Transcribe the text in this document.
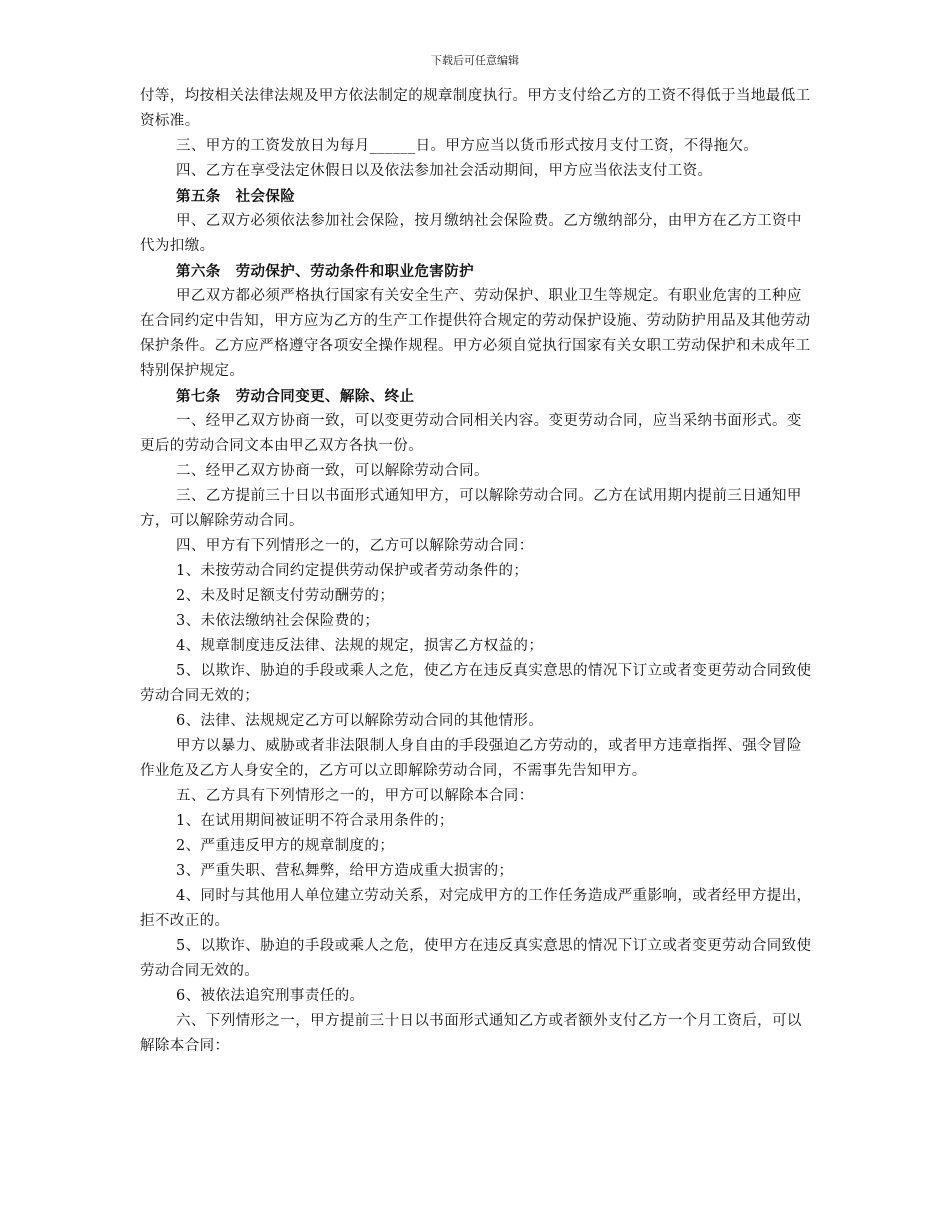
下载后可任意编辑

付等，均按相关法律法规及甲方依法制定的规章制度执行。甲方支付给乙方的工资不得低于当地最低工资标准。

三、甲方的工资发放日为每月______日。甲方应当以货币形式按月支付工资，不得拖欠。

四、乙方在享受法定休假日以及依法参加社会活动期间，甲方应当依法支付工资。

第五条　社会保险

甲、乙双方必须依法参加社会保险，按月缴纳社会保险费。乙方缴纳部分，由甲方在乙方工资中代为扣缴。

第六条　劳动保护、劳动条件和职业危害防护

甲乙双方都必须严格执行国家有关安全生产、劳动保护、职业卫生等规定。有职业危害的工种应在合同约定中告知，甲方应为乙方的生产工作提供符合规定的劳动保护设施、劳动防护用品及其他劳动保护条件。乙方应严格遵守各项安全操作规程。甲方必须自觉执行国家有关女职工劳动保护和未成年工特别保护规定。

第七条　劳动合同变更、解除、终止

一、经甲乙双方协商一致，可以变更劳动合同相关内容。变更劳动合同，应当采纳书面形式。变更后的劳动合同文本由甲乙双方各执一份。

二、经甲乙双方协商一致，可以解除劳动合同。

三、乙方提前三十日以书面形式通知甲方，可以解除劳动合同。乙方在试用期内提前三日通知甲方，可以解除劳动合同。

四、甲方有下列情形之一的，乙方可以解除劳动合同：

1、未按劳动合同约定提供劳动保护或者劳动条件的；

2、未及时足额支付劳动酬劳的；

3、未依法缴纳社会保险费的；

4、规章制度违反法律、法规的规定，损害乙方权益的；

5、以欺诈、胁迫的手段或乘人之危，使乙方在违反真实意思的情况下订立或者变更劳动合同致使劳动合同无效的；

6、法律、法规规定乙方可以解除劳动合同的其他情形。

甲方以暴力、威胁或者非法限制人身自由的手段强迫乙方劳动的，或者甲方违章指挥、强令冒险作业危及乙方人身安全的，乙方可以立即解除劳动合同，不需事先告知甲方。

五、乙方具有下列情形之一的，甲方可以解除本合同：

1、在试用期间被证明不符合录用条件的；

2、严重违反甲方的规章制度的；

3、严重失职、营私舞弊，给甲方造成重大损害的；

4、同时与其他用人单位建立劳动关系，对完成甲方的工作任务造成严重影响，或者经甲方提出，拒不改正的。

5、以欺诈、胁迫的手段或乘人之危，使甲方在违反真实意思的情况下订立或者变更劳动合同致使劳动合同无效的。

6、被依法追究刑事责任的。

六、下列情形之一，甲方提前三十日以书面形式通知乙方或者额外支付乙方一个月工资后，可以解除本合同：
